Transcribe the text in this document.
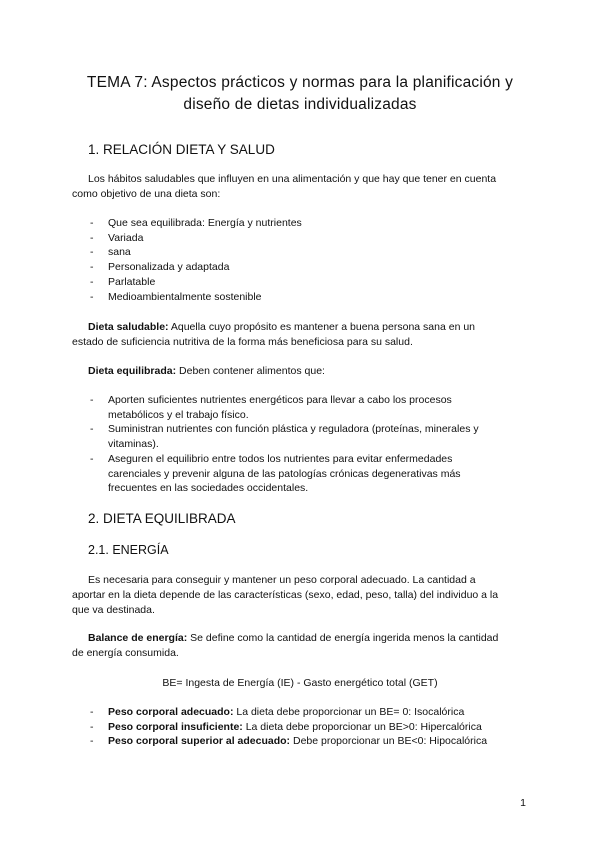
TEMA 7: Aspectos prácticos y normas para la planificación y
diseño de dietas individualizadas
1. RELACIÓN DIETA Y SALUD
Los hábitos saludables que influyen en una alimentación y que hay que tener en cuenta
como objetivo de una dieta son:
- Que sea equilibrada: Energía y nutrientes
- Variada
- sana
- Personalizada y adaptada
- Parlatable
- Medioambientalmente sostenible
Dieta saludable: Aquella cuyo propósito es mantener a buena persona sana en un
estado de suficiencia nutritiva de la forma más beneficiosa para su salud.
Dieta equilibrada: Deben contener alimentos que:
- Aporten suficientes nutrientes energéticos para llevar a cabo los procesos
metabólicos y el trabajo físico.
- Suministran nutrientes con función plástica y reguladora (proteínas, minerales y
vitaminas).
- Aseguren el equilibrio entre todos los nutrientes para evitar enfermedades
carenciales y prevenir alguna de las patologías crónicas degenerativas más
frecuentes en las sociedades occidentales.
2. DIETA EQUILIBRADA
2.1. ENERGÍA
Es necesaria para conseguir y mantener un peso corporal adecuado. La cantidad a
aportar en la dieta depende de las características (sexo, edad, peso, talla) del individuo a la
que va destinada.
Balance de energía: Se define como la cantidad de energía ingerida menos la cantidad
de energía consumida.
BE= Ingesta de Energía (IE) - Gasto energético total (GET)
- Peso corporal adecuado: La dieta debe proporcionar un BE= 0: Isocalórica
- Peso corporal insuficiente: La dieta debe proporcionar un BE>0: Hipercalórica
- Peso corporal superior al adecuado: Debe proporcionar un BE<0: Hipocalórica
1
